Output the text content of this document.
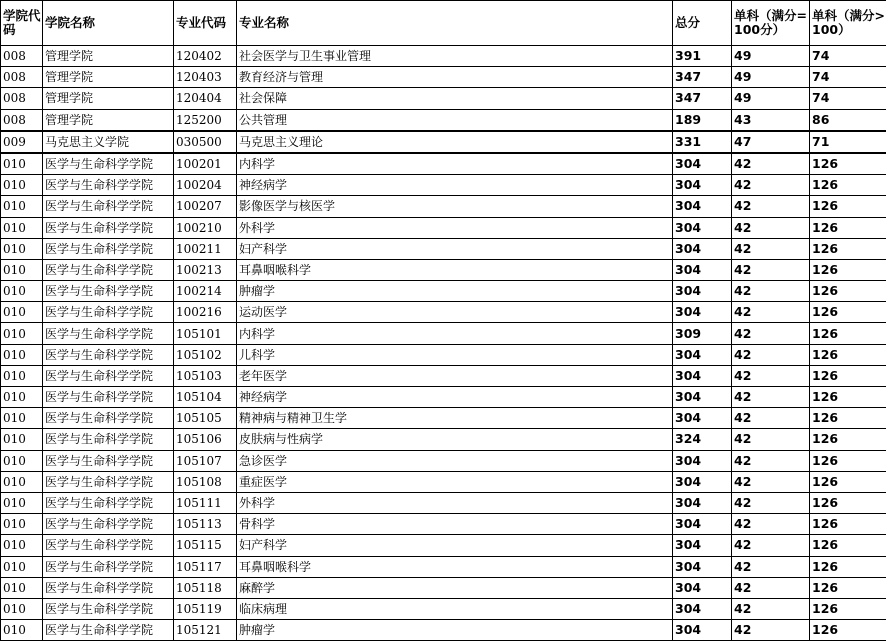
学院代码	学院名称	专业代码	专业名称	总分	单科（满分=100分）	单科（满分>100）
008	管理学院	120402	社会医学与卫生事业管理	391	49	74
008	管理学院	120403	教育经济与管理	347	49	74
008	管理学院	120404	社会保障	347	49	74
008	管理学院	125200	公共管理	189	43	86
009	马克思主义学院	030500	马克思主义理论	331	47	71
010	医学与生命科学学院	100201	内科学	304	42	126
010	医学与生命科学学院	100204	神经病学	304	42	126
010	医学与生命科学学院	100207	影像医学与核医学	304	42	126
010	医学与生命科学学院	100210	外科学	304	42	126
010	医学与生命科学学院	100211	妇产科学	304	42	126
010	医学与生命科学学院	100213	耳鼻咽喉科学	304	42	126
010	医学与生命科学学院	100214	肿瘤学	304	42	126
010	医学与生命科学学院	100216	运动医学	304	42	126
010	医学与生命科学学院	105101	内科学	309	42	126
010	医学与生命科学学院	105102	儿科学	304	42	126
010	医学与生命科学学院	105103	老年医学	304	42	126
010	医学与生命科学学院	105104	神经病学	304	42	126
010	医学与生命科学学院	105105	精神病与精神卫生学	304	42	126
010	医学与生命科学学院	105106	皮肤病与性病学	324	42	126
010	医学与生命科学学院	105107	急诊医学	304	42	126
010	医学与生命科学学院	105108	重症医学	304	42	126
010	医学与生命科学学院	105111	外科学	304	42	126
010	医学与生命科学学院	105113	骨科学	304	42	126
010	医学与生命科学学院	105115	妇产科学	304	42	126
010	医学与生命科学学院	105117	耳鼻咽喉科学	304	42	126
010	医学与生命科学学院	105118	麻醉学	304	42	126
010	医学与生命科学学院	105119	临床病理	304	42	126
010	医学与生命科学学院	105121	肿瘤学	304	42	126
